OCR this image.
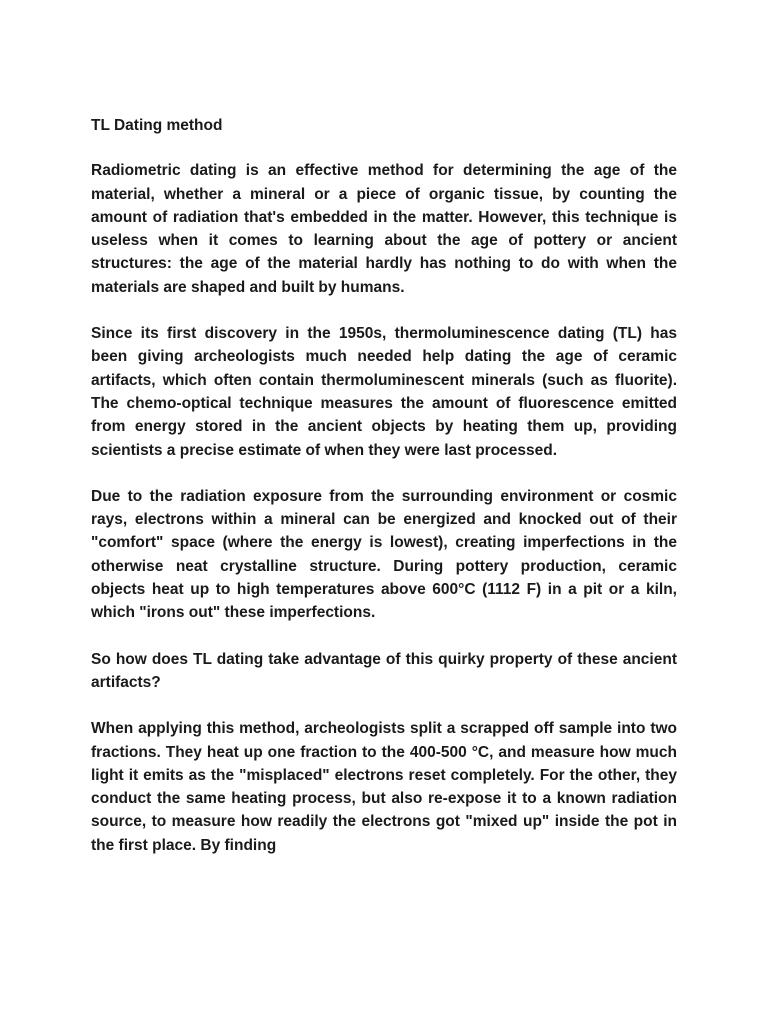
TL Dating method

Radiometric dating is an effective method for determining the age of the material, whether a mineral or a piece of organic tissue, by counting the amount of radiation that's embedded in the matter. However, this technique is useless when it comes to learning about the age of pottery or ancient structures: the age of the material hardly has nothing to do with when the materials are shaped and built by humans.

Since its first discovery in the 1950s, thermoluminescence dating (TL) has been giving archeologists much needed help dating the age of ceramic artifacts, which often contain thermoluminescent minerals (such as fluorite). The chemo-optical technique measures the amount of fluorescence emitted from energy stored in the ancient objects by heating them up, providing scientists a precise estimate of when they were last processed.

Due to the radiation exposure from the surrounding environment or cosmic rays, electrons within a mineral can be energized and knocked out of their "comfort" space (where the energy is lowest), creating imperfections in the otherwise neat crystalline structure. During pottery production, ceramic objects heat up to high temperatures above 600°C (1112 F) in a pit or a kiln, which "irons out" these imperfections.

So how does TL dating take advantage of this quirky property of these ancient artifacts?

When applying this method, archeologists split a scrapped off sample into two fractions. They heat up one fraction to the 400-500 °C, and measure how much light it emits as the "misplaced" electrons reset completely. For the other, they conduct the same heating process, but also re-expose it to a known radiation source, to measure how readily the electrons got "mixed up" inside the pot in the first place. By finding
